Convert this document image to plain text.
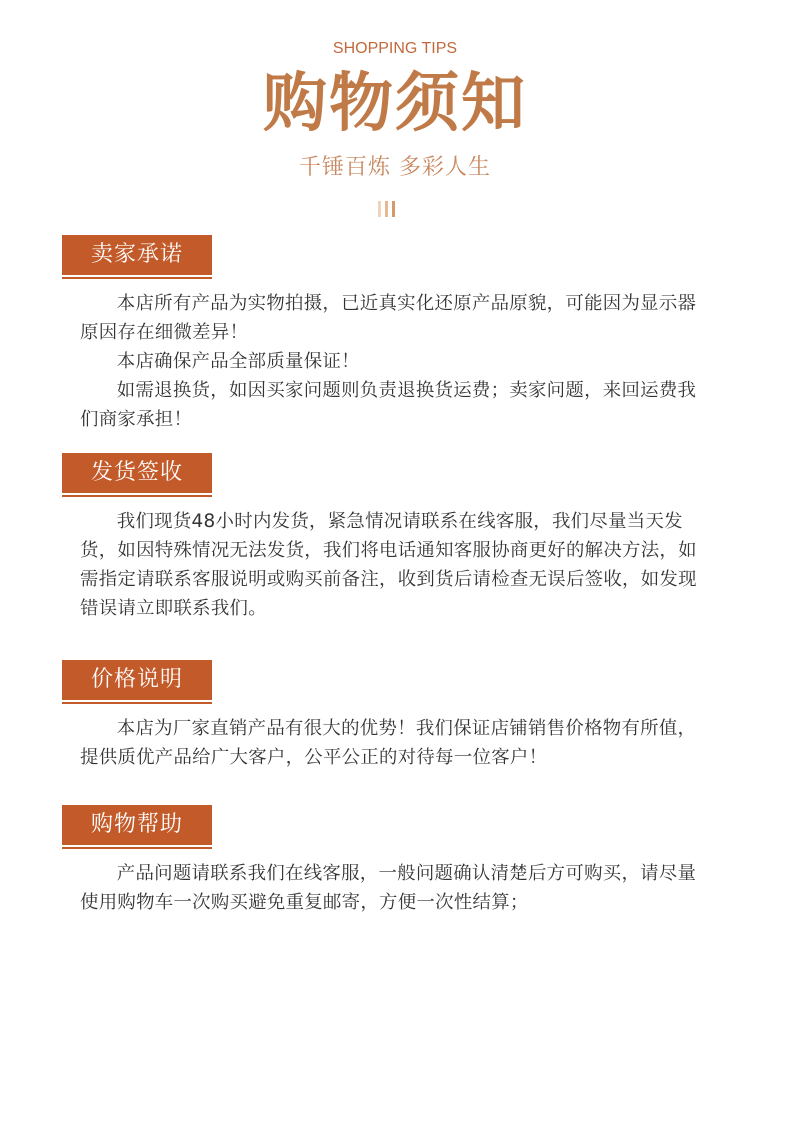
SHOPPING TIPS
购物须知
千锤百炼 多彩人生
卖家承诺

本店所有产品为实物拍摄，已近真实化还原产品原貌，可能因为显示器原因存在细微差异！

本店确保产品全部质量保证！

如需退换货，如因买家问题则负责退换货运费；卖家问题，来回运费我们商家承担！

发货签收

我们现货48小时内发货，紧急情况请联系在线客服，我们尽量当天发货，如因特殊情况无法发货，我们将电话通知客服协商更好的解决方法，如需指定请联系客服说明或购买前备注，收到货后请检查无误后签收，如发现错误请立即联系我们。

价格说明

本店为厂家直销产品有很大的优势！我们保证店铺销售价格物有所值，提供质优产品给广大客户，公平公正的对待每一位客户！

购物帮助

产品问题请联系我们在线客服，一般问题确认清楚后方可购买，请尽量使用购物车一次购买避免重复邮寄，方便一次性结算；
